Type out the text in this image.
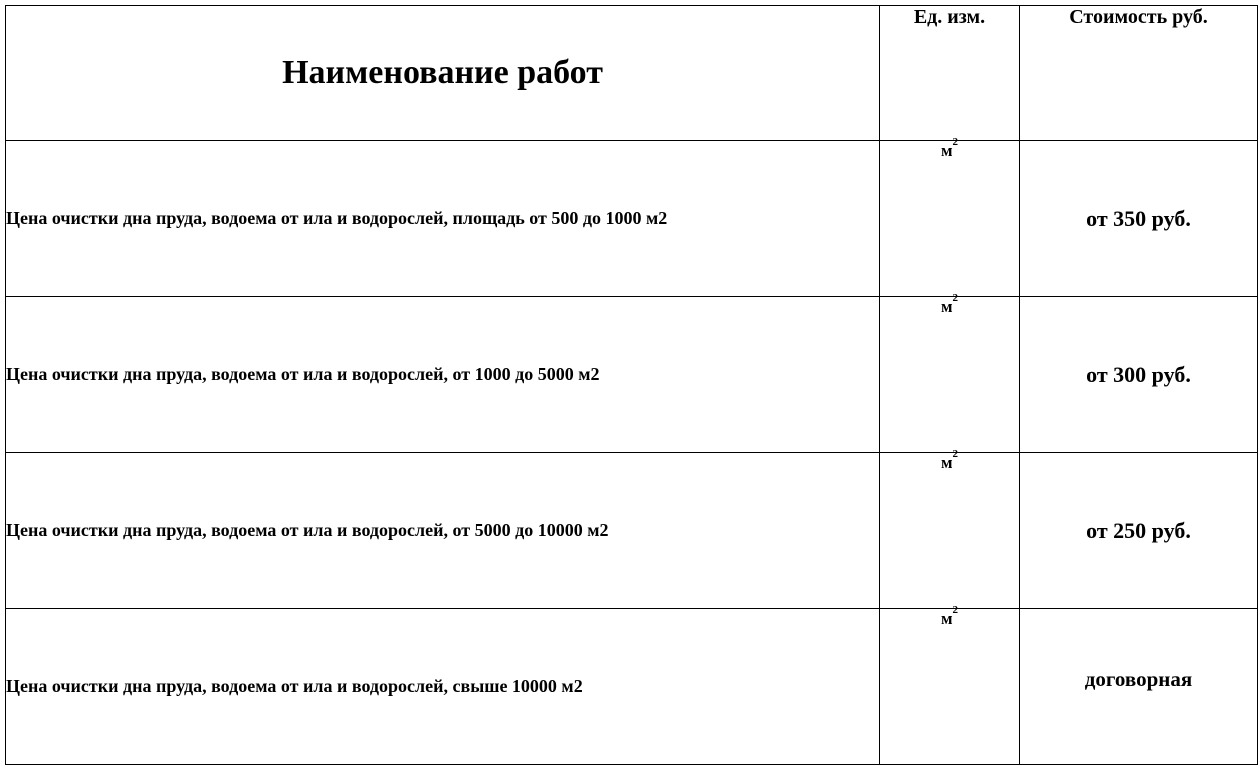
Наименование работ	Ед. изм.	Стоимость руб.
Цена очистки дна пруда, водоема от ила и водорослей, площадь от 500 до 1000 м2	$м^2$	от 350 руб.
Цена очистки дна пруда, водоема от ила и водорослей, от 1000 до 5000 м2	$м^2$	от 300 руб.
Цена очистки дна пруда, водоема от ила и водорослей, от 5000 до 10000 м2	$м^2$	от 250 руб.
Цена очистки дна пруда, водоема от ила и водорослей, свыше 10000 м2	$м^2$	договорная
